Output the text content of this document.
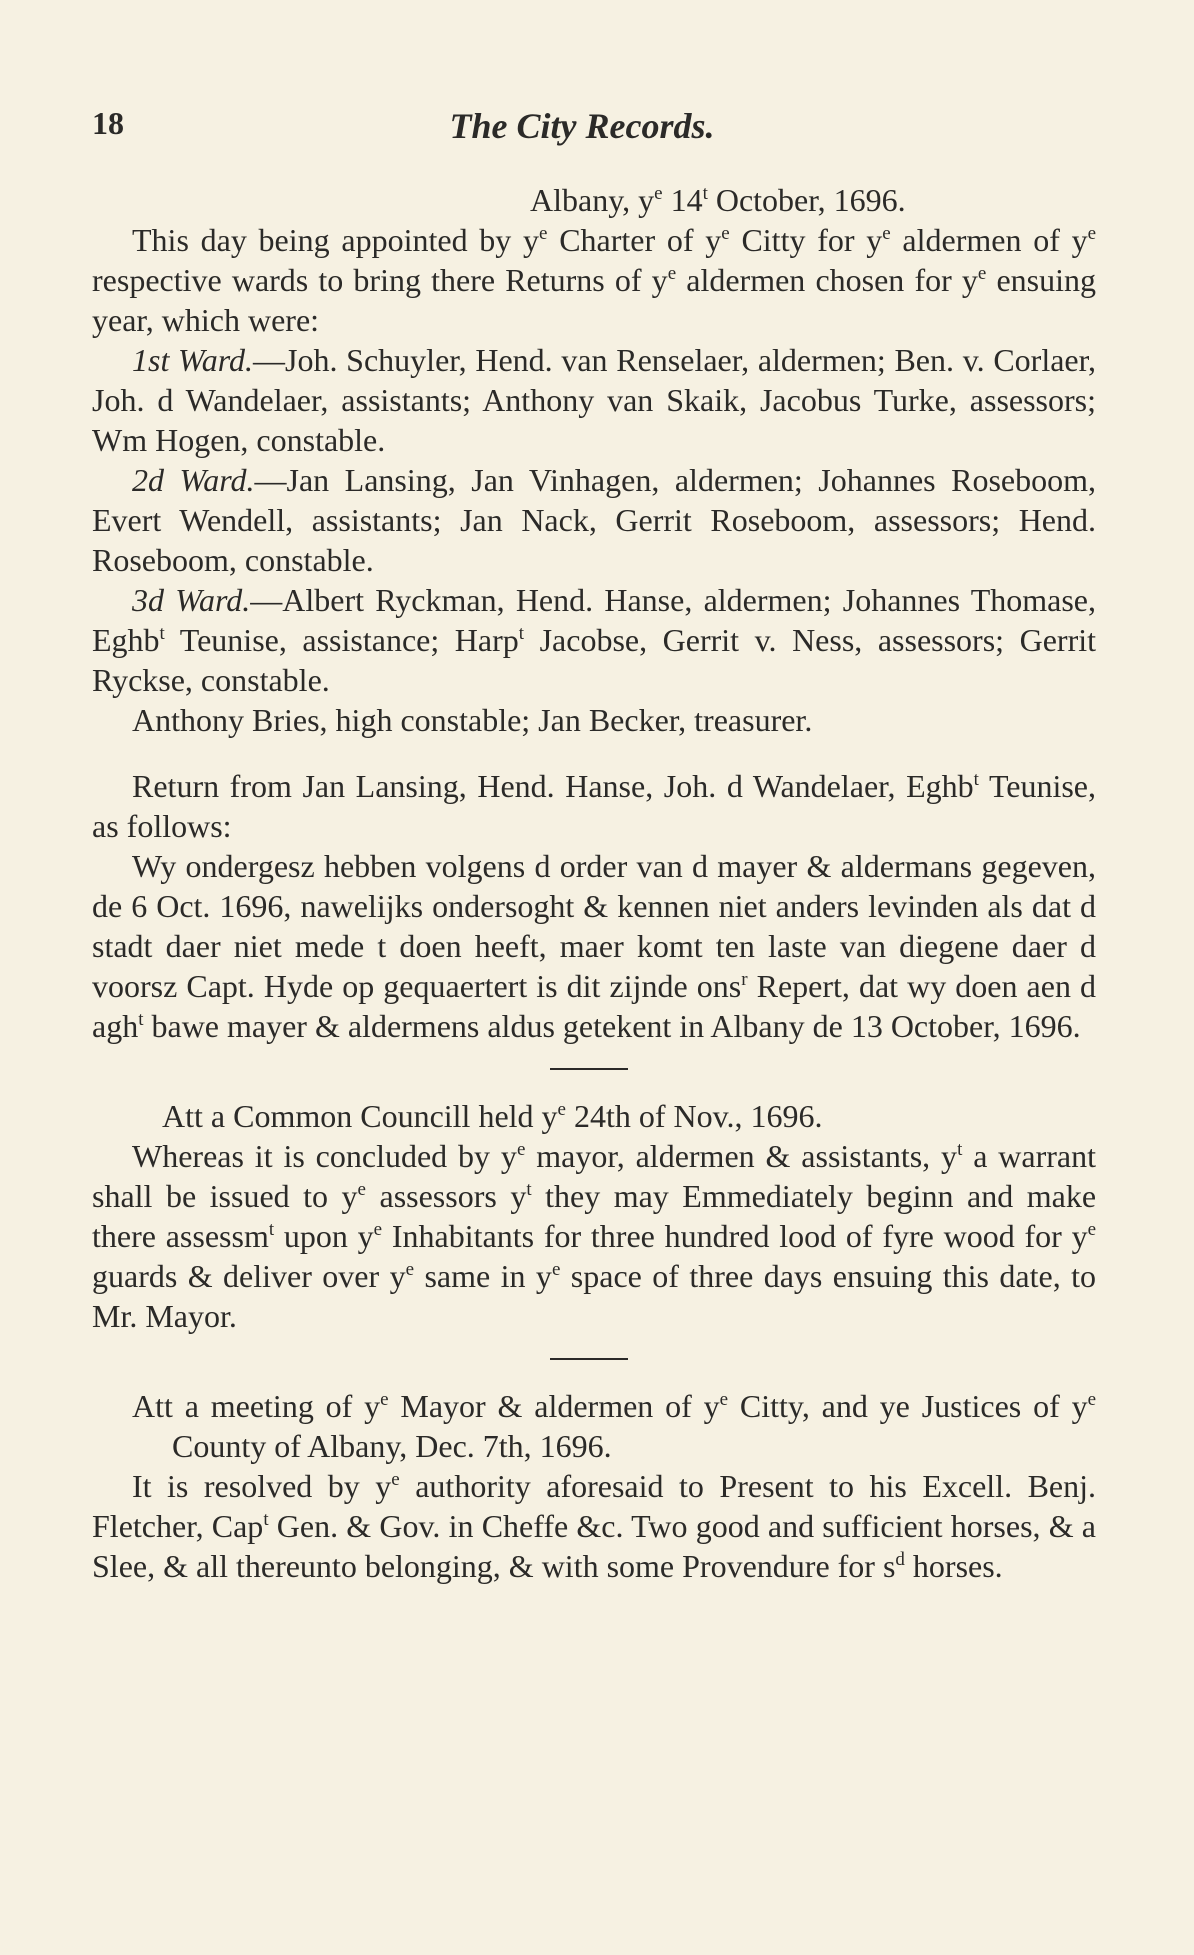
18	The City Records.

Albany, $y^e$ 14$^t$ October, 1696.

This day being appointed by $y^e$ Charter of $y^e$ Citty for $y^e$ aldermen of $y^e$ respective wards to bring there Returns of $y^e$ aldermen chosen for $y^e$ ensuing year, which were:

1st Ward.—Joh. Schuyler, Hend. van Renselaer, aldermen; Ben. v. Corlaer, Joh. d Wandelaer, assistants; Anthony van Skaik, Jacobus Turke, assessors; Wm Hogen, constable.

2d Ward.—Jan Lansing, Jan Vinhagen, aldermen; Johannes Roseboom, Evert Wendell, assistants; Jan Nack, Gerrit Roseboom, assessors; Hend. Roseboom, constable.

3d Ward.—Albert Ryckman, Hend. Hanse, aldermen; Johannes Thomase, Eghb$^t$ Teunise, assistance; Harp$^t$ Jacobse, Gerrit v. Ness, assessors; Gerrit Ryckse, constable.

Anthony Bries, high constable; Jan Becker, treasurer.

Return from Jan Lansing, Hend. Hanse, Joh. d Wandelaer, Eghb$^t$ Teunise, as follows:

Wy ondergesz hebben volgens d order van d mayer & aldermans gegeven, de 6 Oct. 1696, nawelijks ondersoght & kennen niet anders levinden als dat d stadt daer niet mede t doen heeft, maer komt ten laste van diegene daer d voorsz Capt. Hyde op gequaertert is dit zijnde ons$^r$ Repert, dat wy doen aen d agh$^t$ bawe mayer & aldermens aldus getekent in Albany de 13 October, 1696.

Att a Common Councill held $y^e$ 24th of Nov., 1696.

Whereas it is concluded by $y^e$ mayor, aldermen & assistants, $y^t$ a warrant shall be issued to $y^e$ assessors $y^t$ they may Emmediately beginn and make there assessm$^t$ upon $y^e$ Inhabitants for three hundred lood of fyre wood for $y^e$ guards & deliver over $y^e$ same in $y^e$ space of three days ensuing this date, to Mr. Mayor.

Att a meeting of $y^e$ Mayor & aldermen of $y^e$ Citty, and ye Justices of $y^e$ County of Albany, Dec. 7th, 1696.

It is resolved by $y^e$ authority aforesaid to Present to his Excell. Benj. Fletcher, Cap$^t$ Gen. & Gov. in Cheffe &c. Two good and sufficient horses, & a Slee, & all thereunto belonging, & with some Provendure for $s^d$ horses.
